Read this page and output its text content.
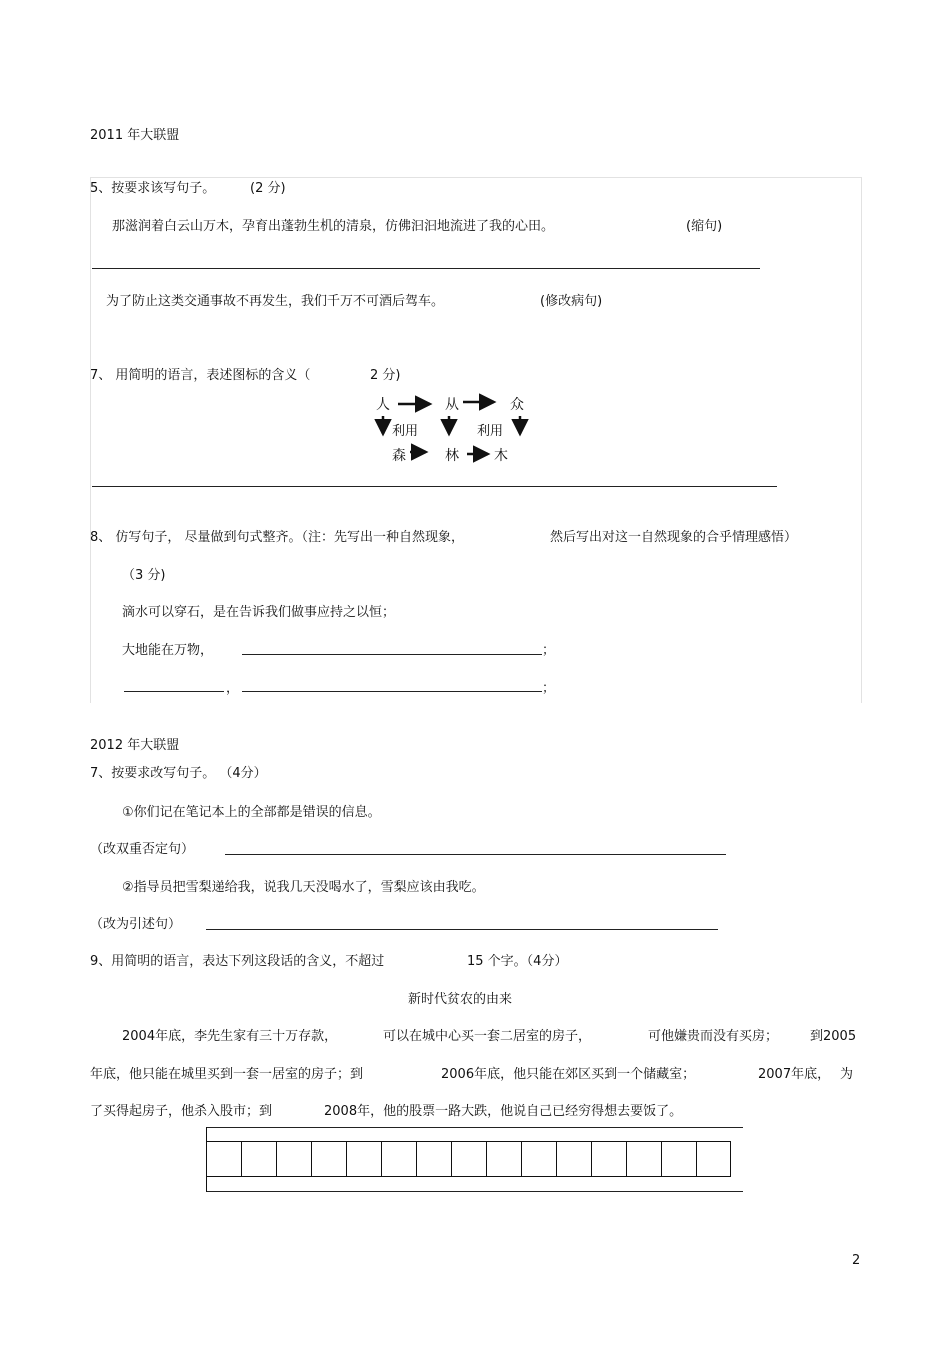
2011 年大联盟
5、按要求该写句子。	(2 分)
那滋润着白云山万木，孕育出蓬勃生机的清泉，仿佛汩汩地流进了我的心田。	(缩句)
为了防止这类交通事故不再发生，我们千万不可酒后驾车。	(修改病句)
7、 用简明的语言，表述图标的含义（	2 分)
人	从	众
利用	利用
森	林	木
8、 仿写句子， 尽量做到句式整齐。（注：先写出一种自然现象，	然后写出对这一自然现象的合乎情理感悟）
（3 分)
滴水可以穿石，是在告诉我们做事应持之以恒；
大地能在万物，	；
，	；
2012 年大联盟
7、按要求改写句子。 （4分）
①你们记在笔记本上的全部都是错误的信息。
（改双重否定句）
②指导员把雪梨递给我，说我几天没喝水了，雪梨应该由我吃。
（改为引述句）
9、用简明的语言，表达下列这段话的含义，不超过	15 个字。（4分）
新时代贫农的由来
2004年底，李先生家有三十万存款，	可以在城中心买一套二居室的房子，	可他嫌贵而没有买房； 到2005
年底，他只能在城里买到一套一居室的房子；到	2006年底，他只能在郊区买到一个储藏室；	2007年底， 为
了买得起房子，他杀入股市；到	2008年，他的股票一路大跌，他说自己已经穷得想去要饭了。
2
